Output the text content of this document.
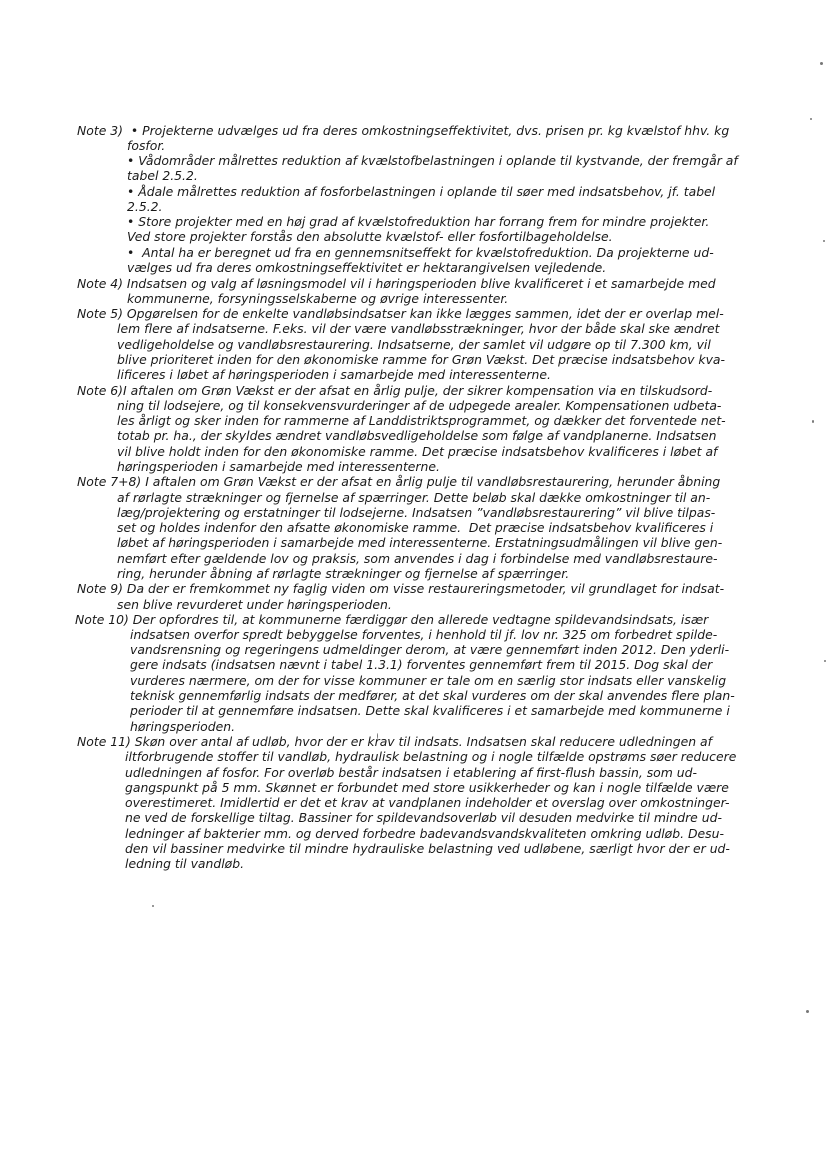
Note 3)  • Projekterne udvælges ud fra deres omkostningseffektivitet, dvs. prisen pr. kg kvælstof hhv. kg
fosfor.
• Vådområder målrettes reduktion af kvælstofbelastningen i oplande til kystvande, der fremgår af
tabel 2.5.2.
• Ådale målrettes reduktion af fosforbelastningen i oplande til søer med indsatsbehov, jf. tabel
2.5.2.
• Store projekter med en høj grad af kvælstofreduktion har forrang frem for mindre projekter.
Ved store projekter forstås den absolutte kvælstof- eller fosfortilbageholdelse.
•  Antal ha er beregnet ud fra en gennemsnitseffekt for kvælstofreduktion. Da projekterne ud-
vælges ud fra deres omkostningseffektivitet er hektarangivelsen vejledende.
Note 4) Indsatsen og valg af løsningsmodel vil i høringsperioden blive kvalificeret i et samarbejde med
kommunerne, forsyningsselskaberne og øvrige interessenter.
Note 5) Opgørelsen for de enkelte vandløbsindsatser kan ikke lægges sammen, idet der er overlap mel-
lem flere af indsatserne. F.eks. vil der være vandløbsstrækninger, hvor der både skal ske ændret
vedligeholdelse og vandløbsrestaurering. Indsatserne, der samlet vil udgøre op til 7.300 km, vil
blive prioriteret inden for den økonomiske ramme for Grøn Vækst. Det præcise indsatsbehov kva-
lificeres i løbet af høringsperioden i samarbejde med interessenterne.
Note 6)I aftalen om Grøn Vækst er der afsat en årlig pulje, der sikrer kompensation via en tilskudsord-
ning til lodsejere, og til konsekvensvurderinger af de udpegede arealer. Kompensationen udbeta-
les årligt og sker inden for rammerne af Landdistriktsprogrammet, og dækker det forventede net-
totab pr. ha., der skyldes ændret vandløbsvedligeholdelse som følge af vandplanerne. Indsatsen
vil blive holdt inden for den økonomiske ramme. Det præcise indsatsbehov kvalificeres i løbet af
høringsperioden i samarbejde med interessenterne.
Note 7+8) I aftalen om Grøn Vækst er der afsat en årlig pulje til vandløbsrestaurering, herunder åbning
af rørlagte strækninger og fjernelse af spærringer. Dette beløb skal dække omkostninger til an-
læg/projektering og erstatninger til lodsejerne. Indsatsen ”vandløbsrestaurering” vil blive tilpas-
set og holdes indenfor den afsatte økonomiske ramme.  Det præcise indsatsbehov kvalificeres i
løbet af høringsperioden i samarbejde med interessenterne. Erstatningsudmålingen vil blive gen-
nemført efter gældende lov og praksis, som anvendes i dag i forbindelse med vandløbsrestaure-
ring, herunder åbning af rørlagte strækninger og fjernelse af spærringer.
Note 9) Da der er fremkommet ny faglig viden om visse restaureringsmetoder, vil grundlaget for indsat-
sen blive revurderet under høringsperioden.
Note 10) Der opfordres til, at kommunerne færdiggør den allerede vedtagne spildevandsindsats, især
indsatsen overfor spredt bebyggelse forventes, i henhold til jf. lov nr. 325 om forbedret spilde-
vandsrensning og regeringens udmeldinger derom, at være gennemført inden 2012. Den yderli-
gere indsats (indsatsen nævnt i tabel 1.3.1) forventes gennemført frem til 2015. Dog skal der
vurderes nærmere, om der for visse kommuner er tale om en særlig stor indsats eller vanskelig
teknisk gennemførlig indsats der medfører, at det skal vurderes om der skal anvendes flere plan-
perioder til at gennemføre indsatsen. Dette skal kvalificeres i et samarbejde med kommunerne i
høringsperioden.
Note 11) Skøn over antal af udløb, hvor der er krav til indsats. Indsatsen skal reducere udledningen af
iltforbrugende stoffer til vandløb, hydraulisk belastning og i nogle tilfælde opstrøms søer reducere
udledningen af fosfor. For overløb består indsatsen i etablering af first-flush bassin, som ud-
gangspunkt på 5 mm. Skønnet er forbundet med store usikkerheder og kan i nogle tilfælde være
overestimeret. Imidlertid er det et krav at vandplanen indeholder et overslag over omkostninger-
ne ved de forskellige tiltag. Bassiner for spildevandsoverløb vil desuden medvirke til mindre ud-
ledninger af bakterier mm. og derved forbedre badevandsvandskvaliteten omkring udløb. Desu-
den vil bassiner medvirke til mindre hydrauliske belastning ved udløbene, særligt hvor der er ud-
ledning til vandløb.
